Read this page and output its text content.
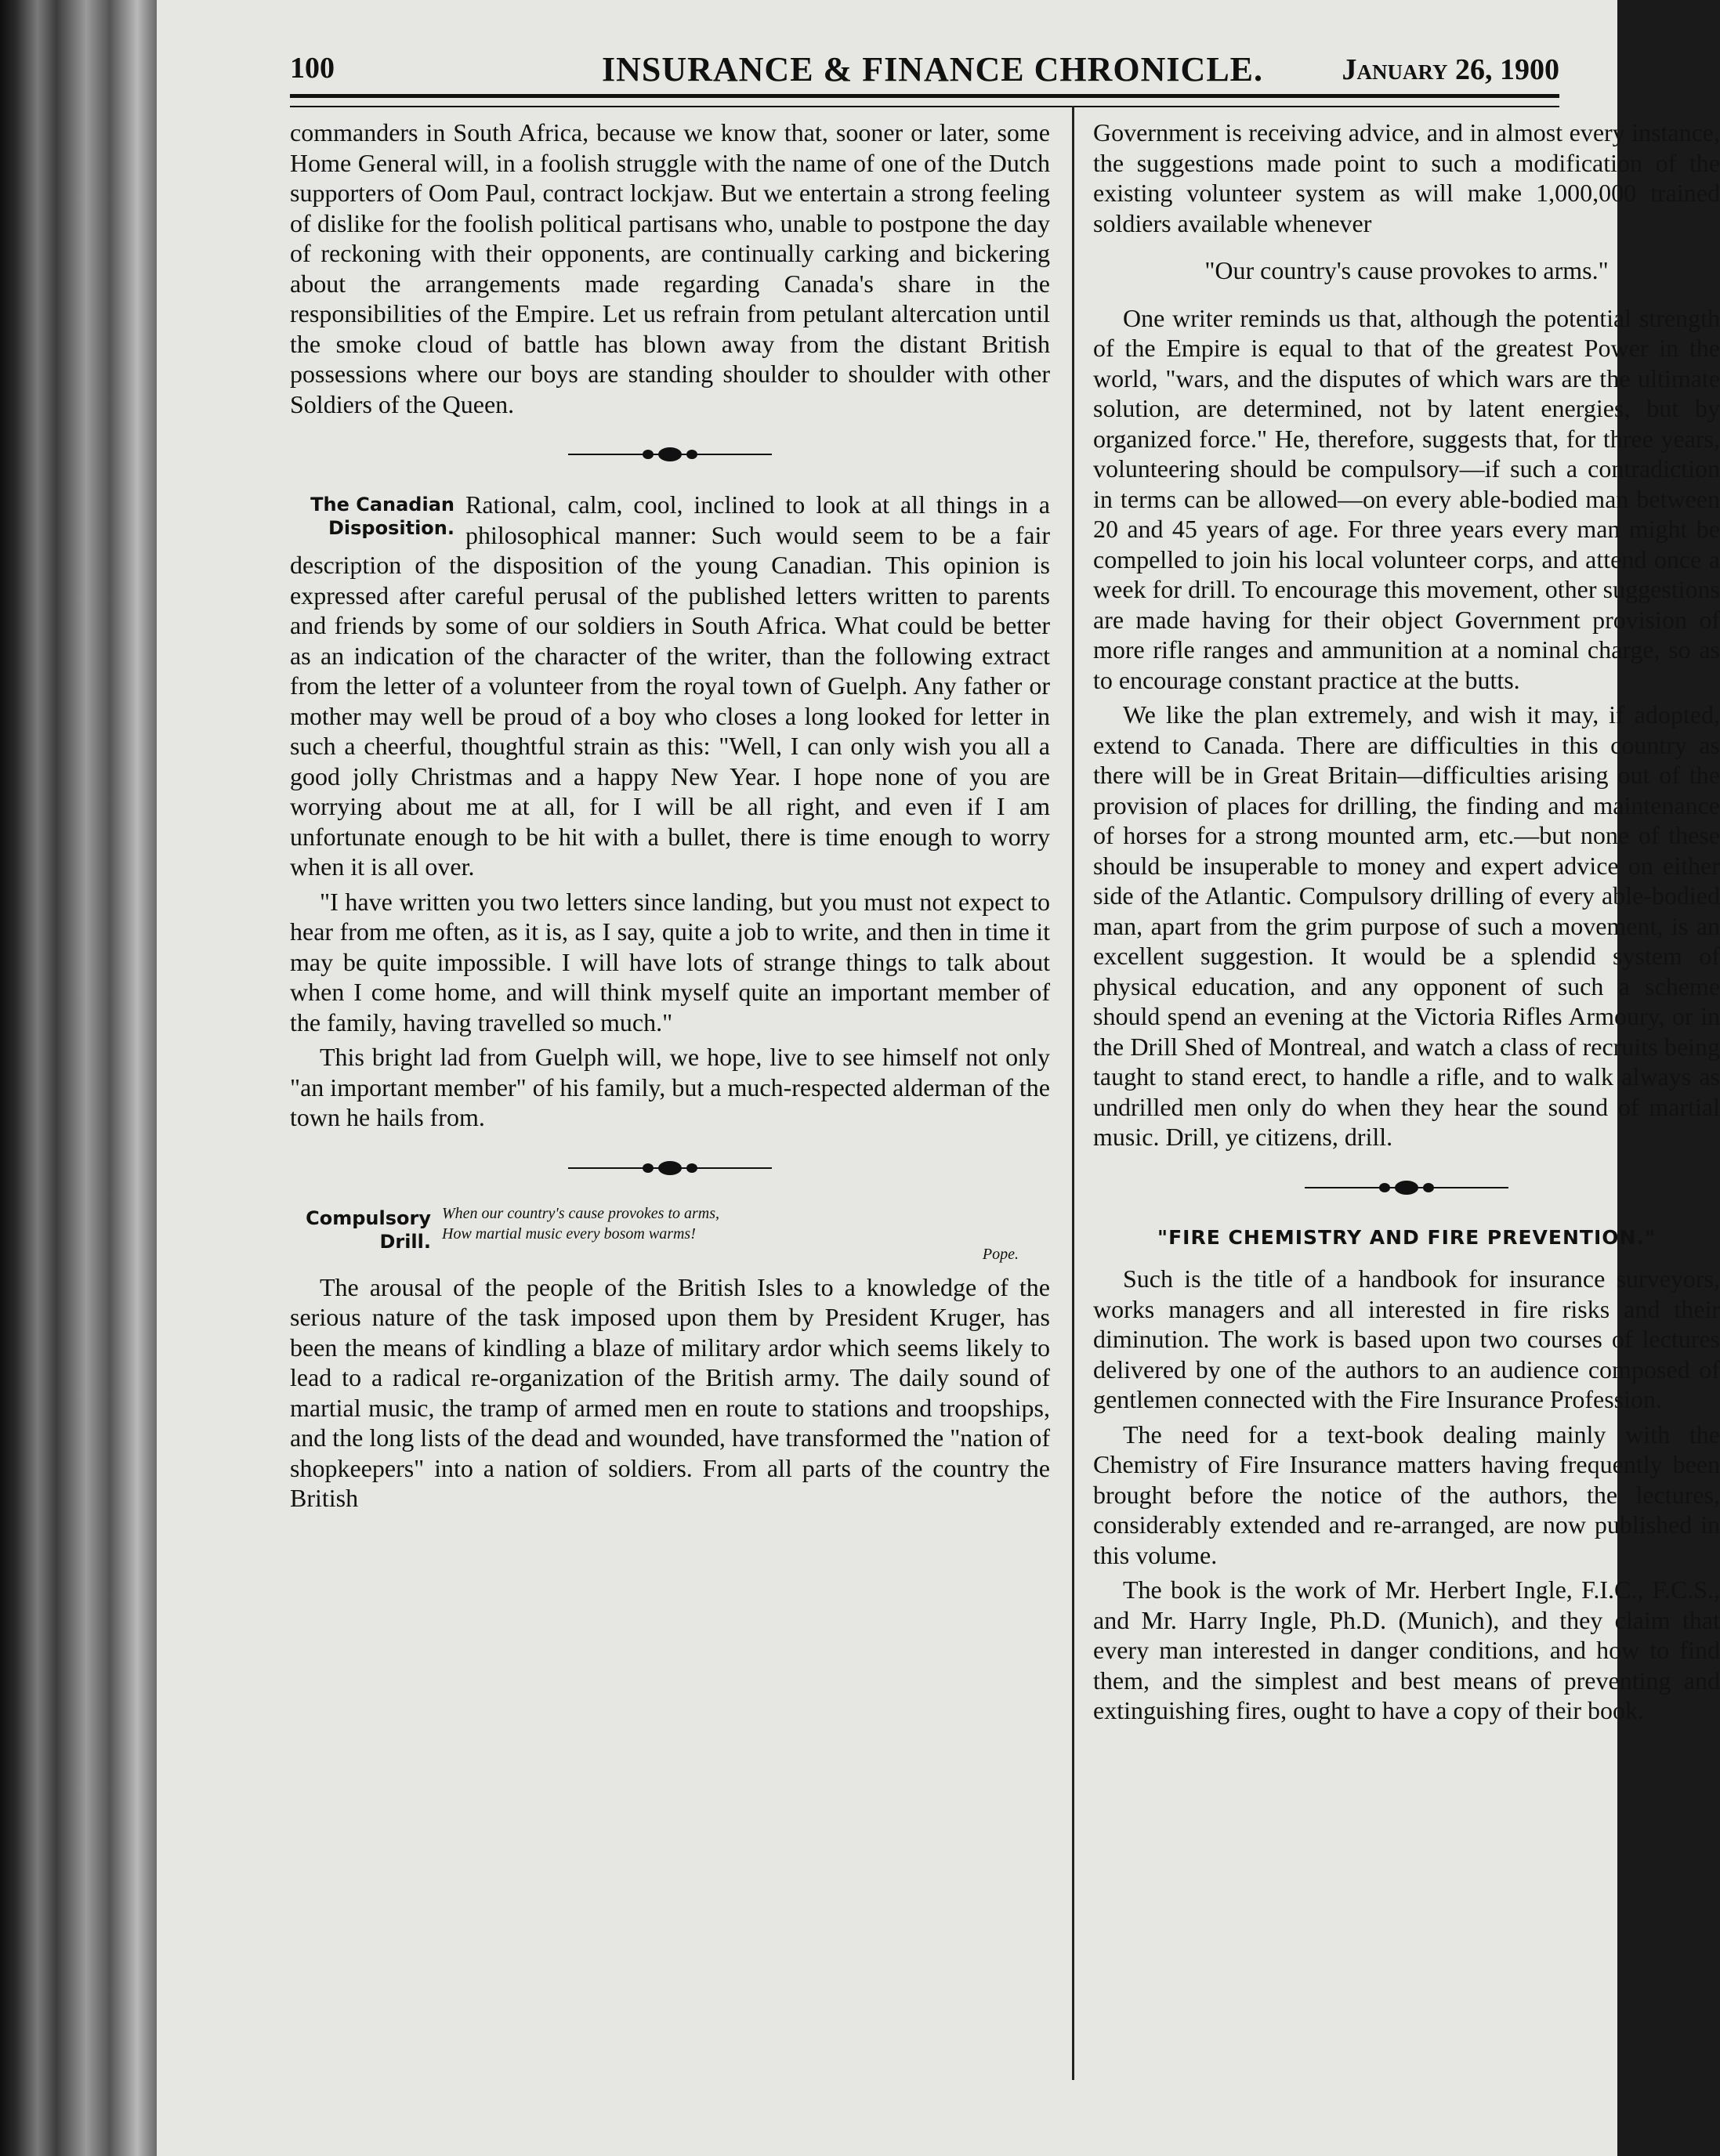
100	INSURANCE & FINANCE CHRONICLE.	January 26, 1900

commanders in South Africa, because we know that, sooner or later, some Home General will, in a foolish struggle with the name of one of the Dutch supporters of Oom Paul, contract lockjaw. But we entertain a strong feeling of dislike for the foolish political partisans who, unable to postpone the day of reckoning with their opponents, are continually carking and bickering about the arrangements made regarding Canada's share in the responsibilities of the Empire. Let us refrain from petulant altercation until the smoke cloud of battle has blown away from the distant British possessions where our boys are standing shoulder to shoulder with other Soldiers of the Queen.

The Canadian
Disposition.

Rational, calm, cool, inclined to look at all things in a philosophical manner: Such would seem to be a fair description of the disposition of the young Canadian. This opinion is expressed after careful perusal of the published letters written to parents and friends by some of our soldiers in South Africa. What could be better as an indication of the character of the writer, than the following extract from the letter of a volunteer from the royal town of Guelph. Any father or mother may well be proud of a boy who closes a long looked for letter in such a cheerful, thoughtful strain as this: "Well, I can only wish you all a good jolly Christmas and a happy New Year. I hope none of you are worrying about me at all, for I will be all right, and even if I am unfortunate enough to be hit with a bullet, there is time enough to worry when it is all over.

"I have written you two letters since landing, but you must not expect to hear from me often, as it is, as I say, quite a job to write, and then in time it may be quite impossible. I will have lots of strange things to talk about when I come home, and will think myself quite an important member of the family, having travelled so much."

This bright lad from Guelph will, we hope, live to see himself not only "an important member" of his family, but a much-respected alderman of the town he hails from.

Compulsory
Drill.
When our country's cause provokes to arms,
How martial music every bosom warms!
Pope.

The arousal of the people of the British Isles to a knowledge of the serious nature of the task imposed upon them by President Kruger, has been the means of kindling a blaze of military ardor which seems likely to lead to a radical re-organization of the British army. The daily sound of martial music, the tramp of armed men en route to stations and troopships, and the long lists of the dead and wounded, have transformed the "nation of shopkeepers" into a nation of soldiers. From all parts of the country the British

Government is receiving advice, and in almost every instance, the suggestions made point to such a modification of the existing volunteer system as will make 1,000,000 trained soldiers available whenever

"Our country's cause provokes to arms."

One writer reminds us that, although the potential strength of the Empire is equal to that of the greatest Power in the world, "wars, and the disputes of which wars are the ultimate solution, are determined, not by latent energies, but by organized force." He, therefore, suggests that, for three years, volunteering should be compulsory—if such a contradiction in terms can be allowed—on every able-bodied man between 20 and 45 years of age. For three years every man might be compelled to join his local volunteer corps, and attend once a week for drill. To encourage this movement, other suggestions are made having for their object Government provision of more rifle ranges and ammunition at a nominal charge, so as to encourage constant practice at the butts.

We like the plan extremely, and wish it may, if adopted, extend to Canada. There are difficulties in this country as there will be in Great Britain—difficulties arising out of the provision of places for drilling, the finding and maintenance of horses for a strong mounted arm, etc.—but none of these should be insuperable to money and expert advice on either side of the Atlantic. Compulsory drilling of every able-bodied man, apart from the grim purpose of such a movement, is an excellent suggestion. It would be a splendid system of physical education, and any opponent of such a scheme should spend an evening at the Victoria Rifles Armoury, or in the Drill Shed of Montreal, and watch a class of recruits being taught to stand erect, to handle a rifle, and to walk always as undrilled men only do when they hear the sound of martial music. Drill, ye citizens, drill.

"FIRE CHEMISTRY AND FIRE PREVENTION."

Such is the title of a handbook for insurance surveyors, works managers and all interested in fire risks and their diminution. The work is based upon two courses of lectures delivered by one of the authors to an audience composed of gentlemen connected with the Fire Insurance Profession.

The need for a text-book dealing mainly with the Chemistry of Fire Insurance matters having frequently been brought before the notice of the authors, the lectures, considerably extended and re-arranged, are now published in this volume.

The book is the work of Mr. Herbert Ingle, F.I.C., F.C.S., and Mr. Harry Ingle, Ph.D. (Munich), and they claim that every man interested in danger conditions, and how to find them, and the simplest and best means of preventing and extinguishing fires, ought to have a copy of their book.
